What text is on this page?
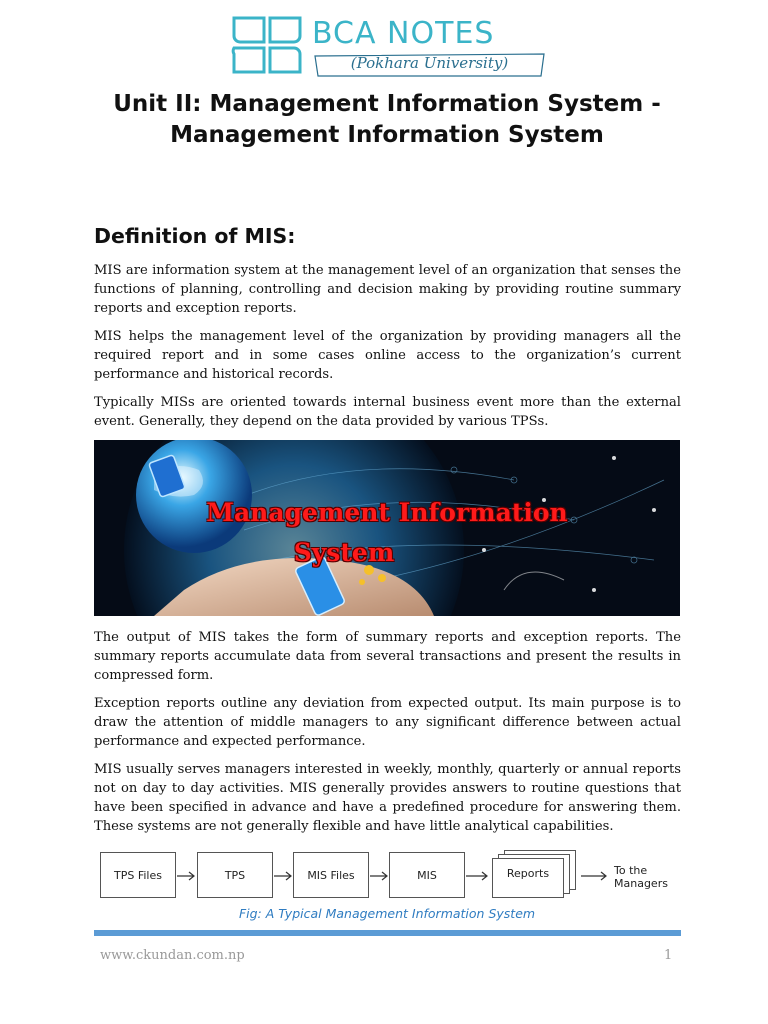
BCA NOTES
(Pokhara University)
Unit II: Management Information System - Management Information System
Definition of MIS:
MIS are information system at the management level of an organization that senses the functions of planning, controlling and decision making by providing routine summary reports and exception reports.
MIS helps the management level of the organization by providing managers all the required report and in some cases online access to the organization’s current performance and historical records.
Typically MISs are oriented towards internal business event more than the external event. Generally, they depend on the data provided by various TPSs.
Management Information
System
The output of MIS takes the form of summary reports and exception reports. The summary reports accumulate data from several transactions and present the results in compressed form.
Exception reports outline any deviation from expected output. Its main purpose is to draw the attention of middle managers to any significant difference between actual performance and expected performance.
MIS usually serves managers interested in weekly, monthly, quarterly or annual reports not on day to day activities. MIS generally provides answers to routine questions that have been specified in advance and have a predefined procedure for answering them. These systems are not generally flexible and have little analytical capabilities.
TPS Files	TPS	MIS Files	MIS	Reports	To the Managers
Fig: A Typical Management Information System
www.ckundan.com.np	1
